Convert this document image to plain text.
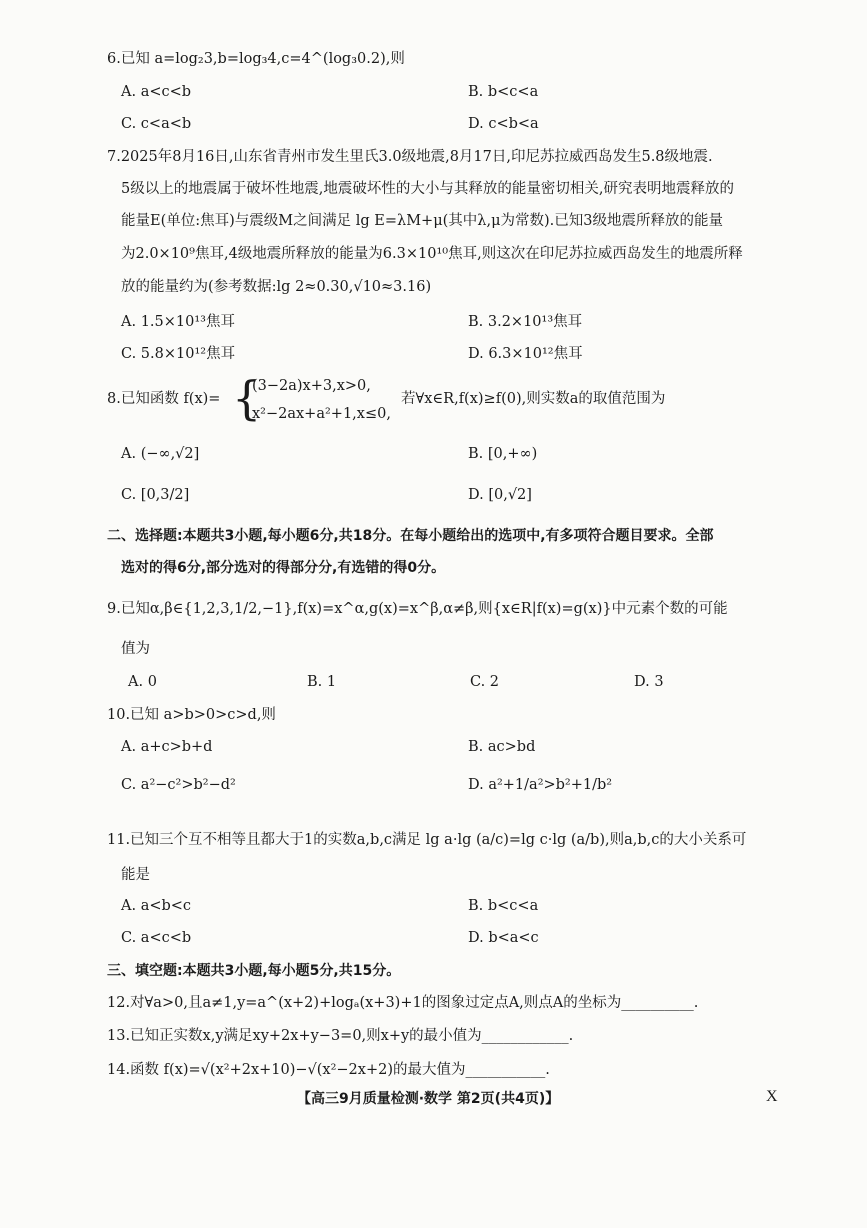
6.已知 a=log₂3,b=log₃4,c=4^(log₃0.2),则
A. a<c<b	B. b<c<a
C. c<a<b	D. c<b<a
7.2025年8月16日,山东省青州市发生里氏3.0级地震,8月17日,印尼苏拉威西岛发生5.8级地震.
5级以上的地震属于破坏性地震,地震破坏性的大小与其释放的能量密切相关,研究表明地震释放的
能量E(单位:焦耳)与震级M之间满足 lg E=λM+μ(其中λ,μ为常数).已知3级地震所释放的能量
为2.0×10⁹焦耳,4级地震所释放的能量为6.3×10¹⁰焦耳,则这次在印尼苏拉威西岛发生的地震所释
放的能量约为(参考数据:lg 2≈0.30,√10≈3.16)
A. 1.5×10¹³焦耳	B. 3.2×10¹³焦耳
C. 5.8×10¹²焦耳	D. 6.3×10¹²焦耳
8.已知函数 f(x)= {
(3−2a)x+3,x>0,
x²−2ax+a²+1,x≤0,
若∀x∈R,f(x)≥f(0),则实数a的取值范围为
A. (−∞,√2]	B. [0,+∞)
C. [0,3/2]	D. [0,√2]
二、选择题:本题共3小题,每小题6分,共18分。在每小题给出的选项中,有多项符合题目要求。全部
选对的得6分,部分选对的得部分分,有选错的得0分。
9.已知α,β∈{1,2,3,1/2,−1},f(x)=x^α,g(x)=x^β,α≠β,则{x∈R|f(x)=g(x)}中元素个数的可能
值为
A. 0	B. 1	C. 2	D. 3
10.已知 a>b>0>c>d,则
A. a+c>b+d	B. ac>bd
C. a²−c²>b²−d²	D. a²+1/a²>b²+1/b²
11.已知三个互不相等且都大于1的实数a,b,c满足 lg a·lg (a/c)=lg c·lg (a/b),则a,b,c的大小关系可
能是
A. a<b<c	B. b<c<a
C. a<c<b	D. b<a<c
三、填空题:本题共3小题,每小题5分,共15分。
12.对∀a>0,且a≠1,y=a^(x+2)+logₐ(x+3)+1的图象过定点A,则点A的坐标为__________.
13.已知正实数x,y满足xy+2x+y−3=0,则x+y的最小值为____________.
14.函数 f(x)=√(x²+2x+10)−√(x²−2x+2)的最大值为___________.
【高三9月质量检测·数学 第2页(共4页)】	X
